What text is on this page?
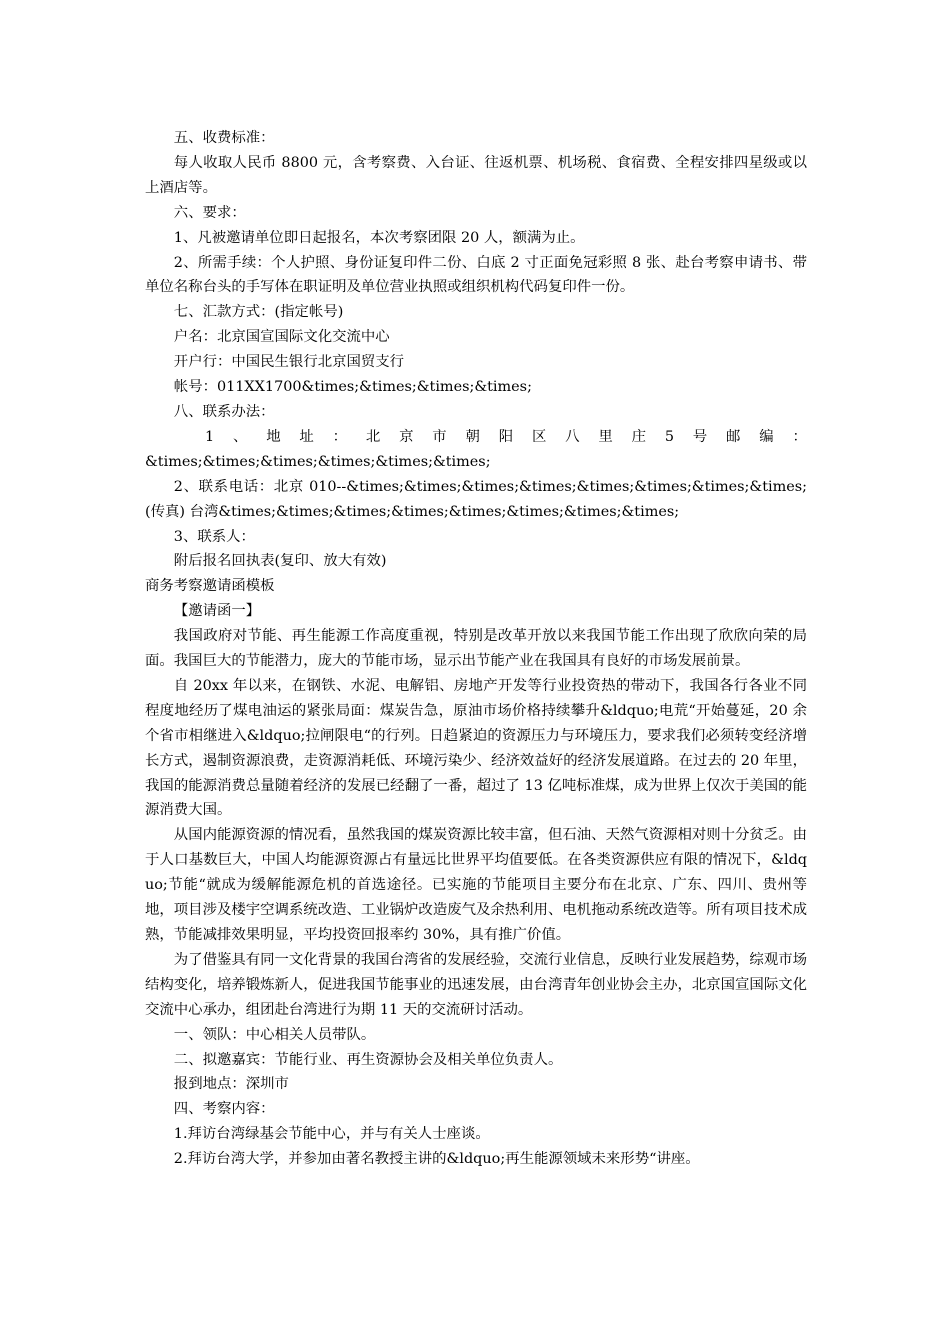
五、收费标准：

每人收取人民币 8800 元，含考察费、入台证、往返机票、机场税、食宿费、全程安排四星级或以上酒店等。

六、要求：

1、凡被邀请单位即日起报名，本次考察团限 20 人，额满为止。

2、所需手续：个人护照、身份证复印件二份、白底 2 寸正面免冠彩照 8 张、赴台考察申请书、带单位名称台头的手写体在职证明及单位营业执照或组织机构代码复印件一份。

七、汇款方式：(指定帐号)

户名：北京国宣国际文化交流中心

开户行：中国民生银行北京国贸支行

帐号：011XX1700&times;&times;&times;&times;

八、联系办法：

1 、 地 址 ： 北 京 市 朝 阳 区 八 里 庄 5 号 邮 编 ：

&times;&times;&times;&times;&times;&times;

2、联系电话：北京 010--&times;&times;&times;&times;&times;&times;&times;&times;(传真) 台湾&times;&times;&times;&times;&times;&times;&times;&times;

3、联系人：

附后报名回执表(复印、放大有效)

商务考察邀请函模板

【邀请函一】

我国政府对节能、再生能源工作高度重视，特别是改革开放以来我国节能工作出现了欣欣向荣的局面。我国巨大的节能潜力，庞大的节能市场，显示出节能产业在我国具有良好的市场发展前景。

自 20xx 年以来，在钢铁、水泥、电解铝、房地产开发等行业投资热的带动下，我国各行各业不同程度地经历了煤电油运的紧张局面：煤炭告急，原油市场价格持续攀升&ldquo;电荒“开始蔓延，20 余个省市相继进入&ldquo;拉闸限电“的行列。日趋紧迫的资源压力与环境压力，要求我们必须转变经济增长方式，遏制资源浪费，走资源消耗低、环境污染少、经济效益好的经济发展道路。在过去的 20 年里，我国的能源消费总量随着经济的发展已经翻了一番，超过了 13 亿吨标准煤，成为世界上仅次于美国的能源消费大国。

从国内能源资源的情况看，虽然我国的煤炭资源比较丰富，但石油、天然气资源相对则十分贫乏。由于人口基数巨大，中国人均能源资源占有量远比世界平均值要低。在各类资源供应有限的情况下，&ldquo;节能“就成为缓解能源危机的首选途径。已实施的节能项目主要分布在北京、广东、四川、贵州等地，项目涉及楼宇空调系统改造、工业锅炉改造废气及余热利用、电机拖动系统改造等。所有项目技术成熟，节能减排效果明显，平均投资回报率约 30%，具有推广价值。

为了借鉴具有同一文化背景的我国台湾省的发展经验，交流行业信息，反映行业发展趋势，综观市场结构变化，培养锻炼新人，促进我国节能事业的迅速发展，由台湾青年创业协会主办，北京国宣国际文化交流中心承办，组团赴台湾进行为期 11 天的交流研讨活动。

一、领队：中心相关人员带队。

二、拟邀嘉宾：节能行业、再生资源协会及相关单位负责人。

报到地点：深圳市

四、考察内容：

1.拜访台湾绿基会节能中心，并与有关人士座谈。

2.拜访台湾大学，并参加由著名教授主讲的&ldquo;再生能源领域未来形势“讲座。
